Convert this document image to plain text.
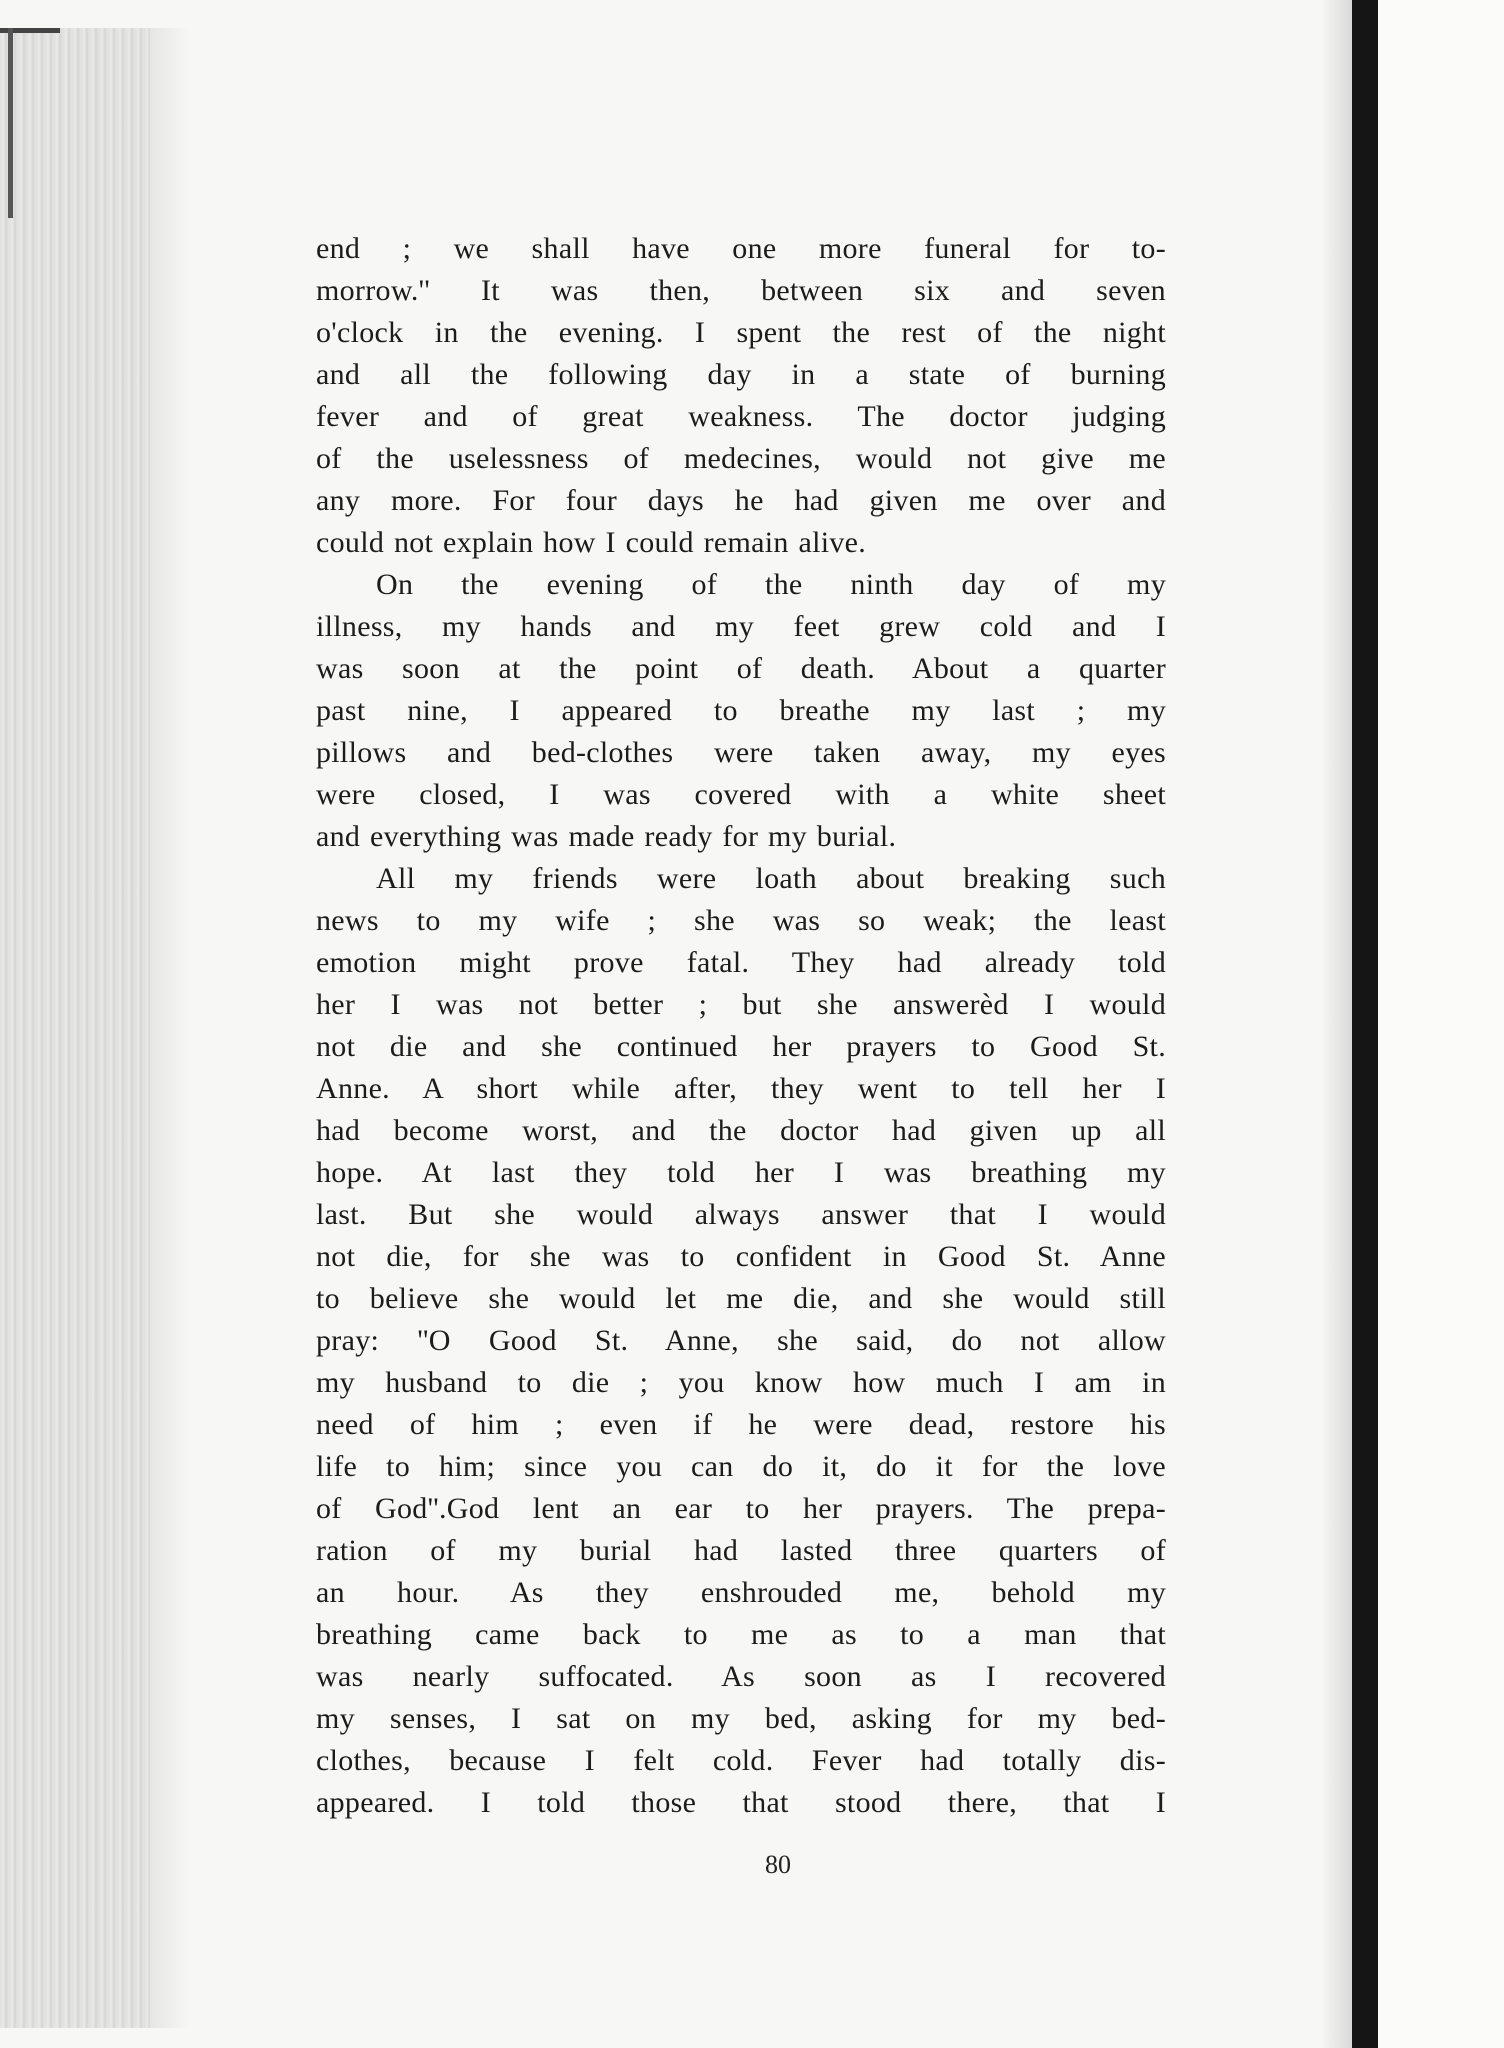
end ; we shall have one more funeral for to-
morrow.'' It was then, between six and seven
o'clock in the evening. I spent the rest of the night
and all the following day in a state of burning
fever and of great weakness. The doctor judging
of the uselessness of medecines, would not give me
any more. For four days he had given me over and
could not explain how I could remain alive.
On the evening of the ninth day of my
illness, my hands and my feet grew cold and I
was soon at the point of death. About a quarter
past nine, I appeared to breathe my last ; my
pillows and bed-clothes were taken away, my eyes
were closed, I was covered with a white sheet
and everything was made ready for my burial.
All my friends were loath about breaking such
news to my wife ; she was so weak; the least
emotion might prove fatal. They had already told
her I was not better ; but she answerèd I would
not die and she continued her prayers to Good St.
Anne. A short while after, they went to tell her I
had become worst, and the doctor had given up all
hope. At last they told her I was breathing my
last. But she would always answer that I would
not die, for she was to confident in Good St. Anne
to believe she would let me die, and she would still
pray: ''O Good St. Anne, she said, do not allow
my husband to die ; you know how much I am in
need of him ; even if he were dead, restore his
life to him; since you can do it, do it for the love
of God''.God lent an ear to her prayers. The prepa-
ration of my burial had lasted three quarters of
an hour. As they enshrouded me, behold my
breathing came back to me as to a man that
was nearly suffocated. As soon as I recovered
my senses, I sat on my bed, asking for my bed-
clothes, because I felt cold. Fever had totally dis-
appeared. I told those that stood there, that I
80
